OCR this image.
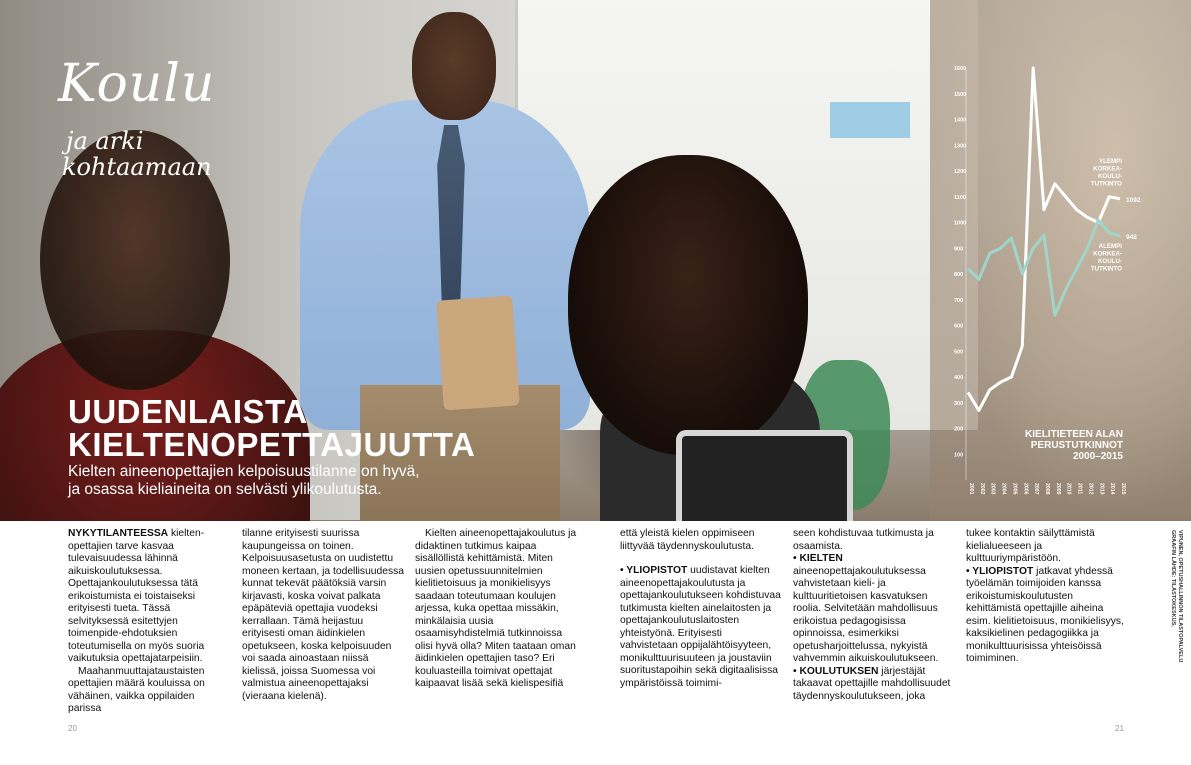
Koulu
ja arki
kohtaamaan
UUDENLAISTA
KIELTENOPETTAJUUTTA
Kielten aineenopettajien kelpoisuustilanne on hyvä,
ja osassa kieliaineita on selvästi ylikoulutusta.
100
200
300
400
500
600
700
800
900
1000
1100
1200
1300
1400
1500
1600
2001 2002 2003 2004 2005 2006 2007 2008 2009 2010 2011 2012 2013 2014 2015
1092
YLEMPI
KORKEA-
KOULU-
TUTKINTO
948
ALEMPI
KORKEA-
KOULU-
TUTKINTO
KIELITIETEEN ALAN
PERUSTUTKINNOT
2000–2015

NYKYTILANTEESSA kieltenopettajien tarve kasvaa tulevaisuudessa lähinnä aikuiskoulutuksessa. Opettajankoulutuksessa tätä erikoistumista ei toistaiseksi erityisesti tueta. Tässä selvityksessä esitettyjen toimenpide-ehdotuksien toteutumisella on myös suoria vaikutuksia opettajatarpeisiin.

Maahanmuuttajataustaisten opettajien määrä kouluissa on vähäinen, vaikka oppilaiden parissa

tilanne erityisesti suurissa kaupungeissa on toinen. Kelpoisuusasetusta on uudistettu moneen kertaan, ja todellisuudessa kunnat tekevät päätöksiä varsin kirjavasti, koska voivat palkata epäpäteviä opettajia vuodeksi kerrallaan. Tämä heijastuu erityisesti oman äidinkielen opetukseen, koska kelpoisuuden voi saada ainoastaan niissä kielissä, joissa Suomessa voi valmistua aineenopettajaksi (vieraana kielenä).

Kielten aineenopettajakoulutus ja didaktinen tutkimus kaipaa sisällöllistä kehittämistä. Miten uusien opetussuunnitelmien kielitietoisuus ja monikielisyys saadaan toteutumaan koulujen arjessa, kuka opettaa missäkin, minkälaisia uusia osaamisyhdistelmiä tutkinnoissa olisi hyvä olla? Miten taataan oman äidinkielen opettajien taso? Eri kouluasteilla toimivat opettajat kaipaavat lisää sekä kielispesifiä

että yleistä kielen oppimiseen liittyvää täydennyskoulutusta.

• YLIOPISTOT uudistavat kielten aineenopettajakoulutusta ja opettajankoulutukseen kohdistuvaa tutkimusta kielten ainelaitosten ja opettajankoulutuslaitosten yhteistyönä. Erityisesti vahvistetaan oppijalähtöisyyteen, monikulttuurisuuteen ja joustaviin suoritustapoihin sekä digitaalisissa ympäristöissä toimimi-

seen kohdistuvaa tutkimusta ja osaamista.

• KIELTEN aineenopettajakoulutuksessa vahvistetaan kieli- ja kulttuuritietoisen kasvatuksen roolia. Selvitetään mahdollisuus erikoistua pedagogisissa opinnoissa, esimerkiksi opetusharjoittelussa, nykyistä vahvemmin aikuiskoulutukseen.

• KOULUTUKSEN järjestäjät takaavat opettajille mahdollisuudet täydennyskoulutukseen, joka

tukee kontaktin säilyttämistä kielialueeseen ja kulttuuriympäristöön.

• YLIOPISTOT jatkavat yhdessä työelämän toimijoiden kanssa erikoistumiskoulutusten kehittämistä opettajille aiheina esim. kielitietoisuus, monikielisyys, kaksikielinen pedagogiikka ja monikulttuurisissa yhteisöissä toimiminen.

GRAAFIN LÄHDE: TILASTOKESKUS, VIPUNEN, OPETUSHALLINNON TILASTOPALVELU
20	21
